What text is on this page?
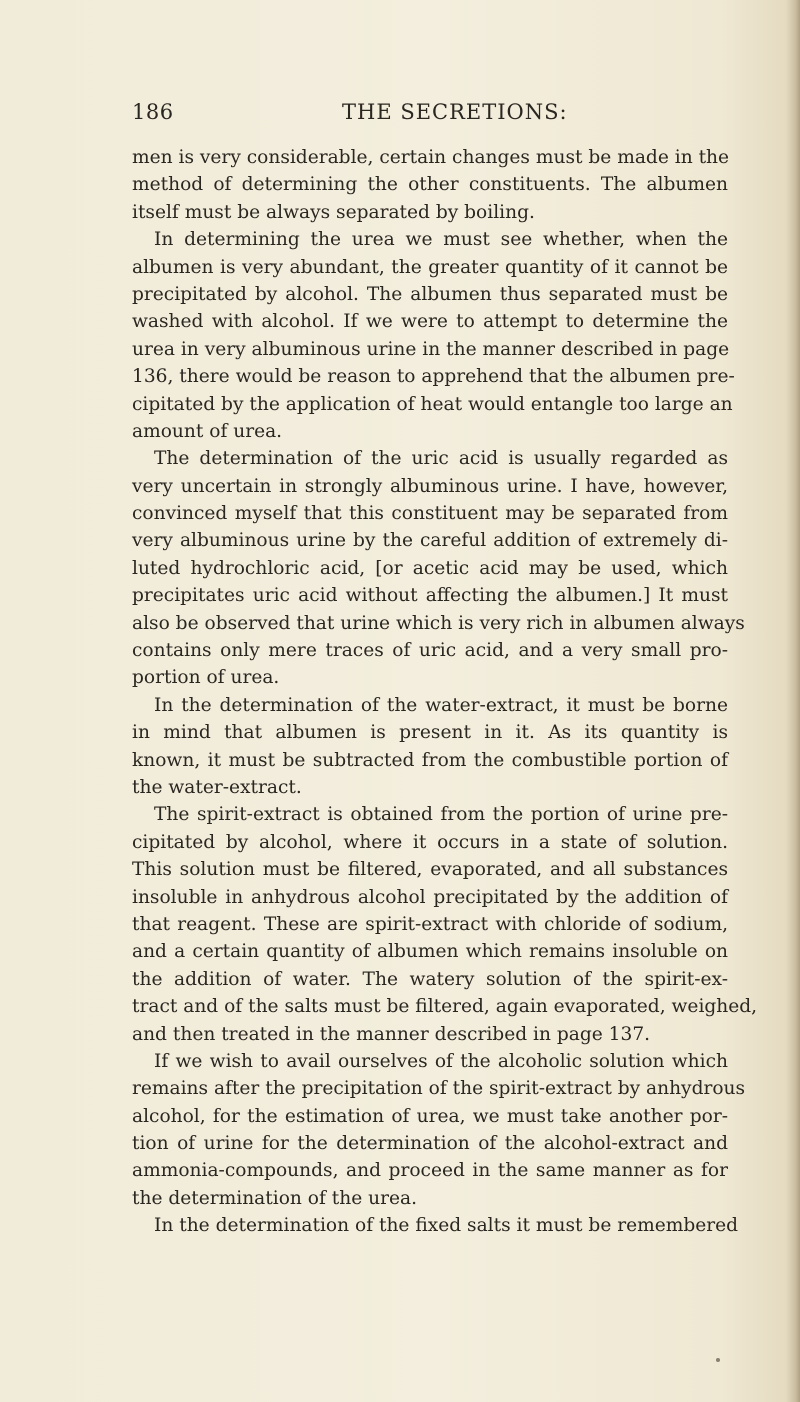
186	THE SECRETIONS:
men is very considerable, certain changes must be made in the
method of determining the other constituents. The albumen
itself must be always separated by boiling.
In determining the urea we must see whether, when the
albumen is very abundant, the greater quantity of it cannot be
precipitated by alcohol. The albumen thus separated must be
washed with alcohol. If we were to attempt to determine the
urea in very albuminous urine in the manner described in page
136, there would be reason to apprehend that the albumen pre-
cipitated by the application of heat would entangle too large an
amount of urea.
The determination of the uric acid is usually regarded as
very uncertain in strongly albuminous urine. I have, however,
convinced myself that this constituent may be separated from
very albuminous urine by the careful addition of extremely di-
luted hydrochloric acid, [or acetic acid may be used, which
precipitates uric acid without affecting the albumen.] It must
also be observed that urine which is very rich in albumen always
contains only mere traces of uric acid, and a very small pro-
portion of urea.
In the determination of the water-extract, it must be borne
in mind that albumen is present in it. As its quantity is
known, it must be subtracted from the combustible portion of
the water-extract.
The spirit-extract is obtained from the portion of urine pre-
cipitated by alcohol, where it occurs in a state of solution.
This solution must be filtered, evaporated, and all substances
insoluble in anhydrous alcohol precipitated by the addition of
that reagent. These are spirit-extract with chloride of sodium,
and a certain quantity of albumen which remains insoluble on
the addition of water. The watery solution of the spirit-ex-
tract and of the salts must be filtered, again evaporated, weighed,
and then treated in the manner described in page 137.
If we wish to avail ourselves of the alcoholic solution which
remains after the precipitation of the spirit-extract by anhydrous
alcohol, for the estimation of urea, we must take another por-
tion of urine for the determination of the alcohol-extract and
ammonia-compounds, and proceed in the same manner as for
the determination of the urea.
In the determination of the fixed salts it must be remembered
